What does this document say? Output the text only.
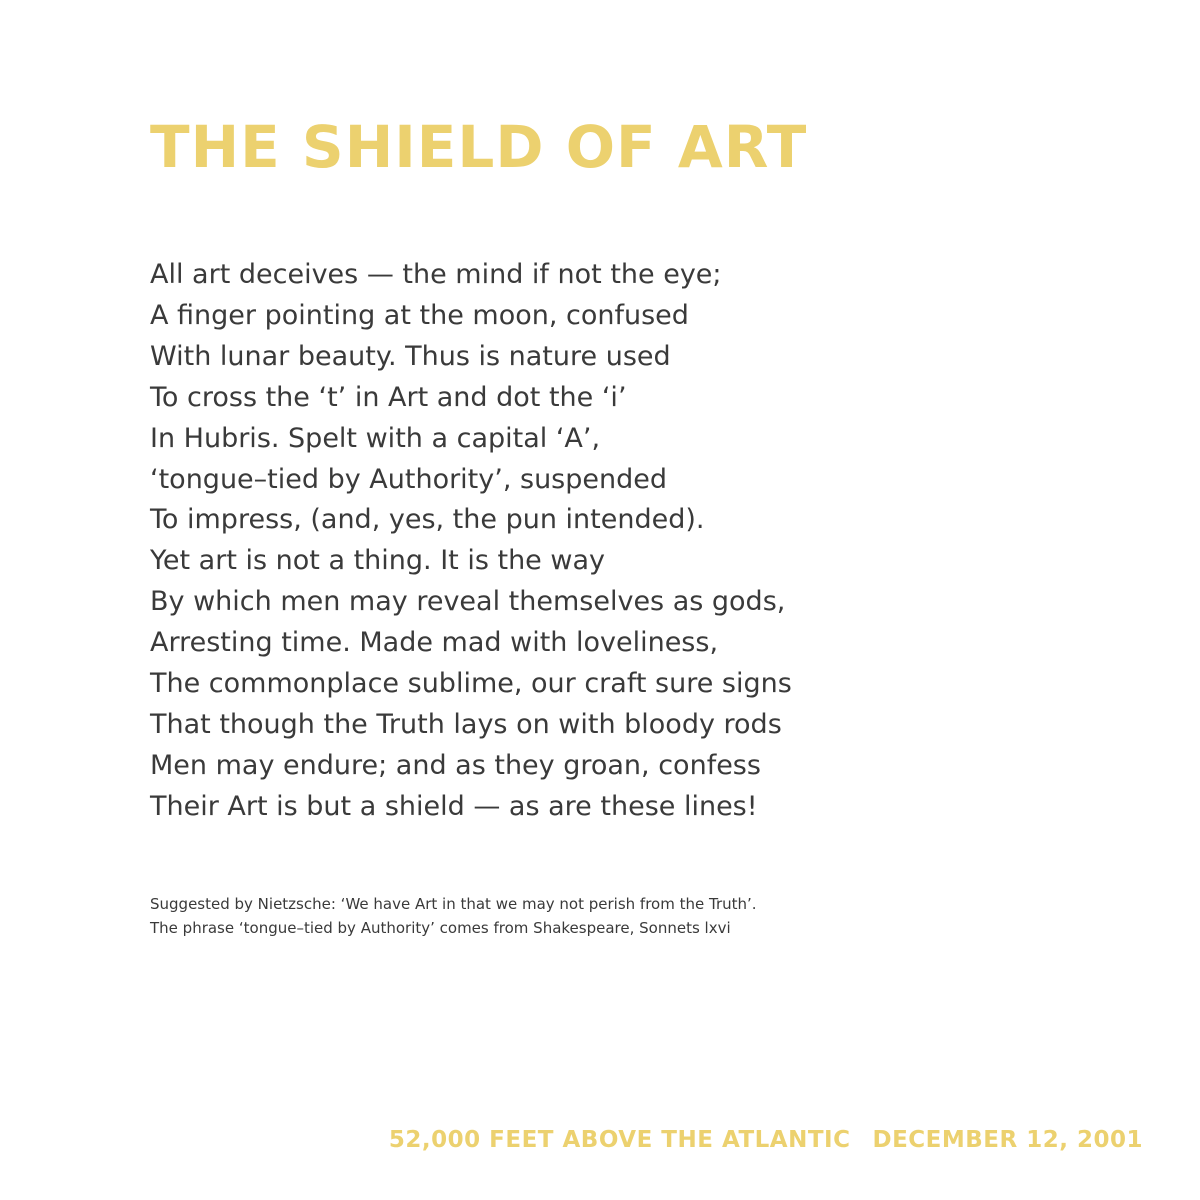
THE SHIELD OF ART
All art deceives — the mind if not the eye;
A finger pointing at the moon, confused
With lunar beauty. Thus is nature used
To cross the ‘t’ in Art and dot the ‘i’
In Hubris. Spelt with a capital ‘A’,
‘tongue–tied by Authority’, suspended
To impress, (and, yes, the pun intended).
Yet art is not a thing. It is the way
By which men may reveal themselves as gods,
Arresting time. Made mad with loveliness,
The commonplace sublime, our craft sure signs
That though the Truth lays on with bloody rods
Men may endure; and as they groan, confess
Their Art is but a shield — as are these lines!
Suggested by Nietzsche: ‘We have Art in that we may not perish from the Truth’.
The phrase ‘tongue–tied by Authority’ comes from Shakespeare, Sonnets lxvi
52,000 FEET ABOVE THE ATLANTIC DECEMBER 12, 2001
